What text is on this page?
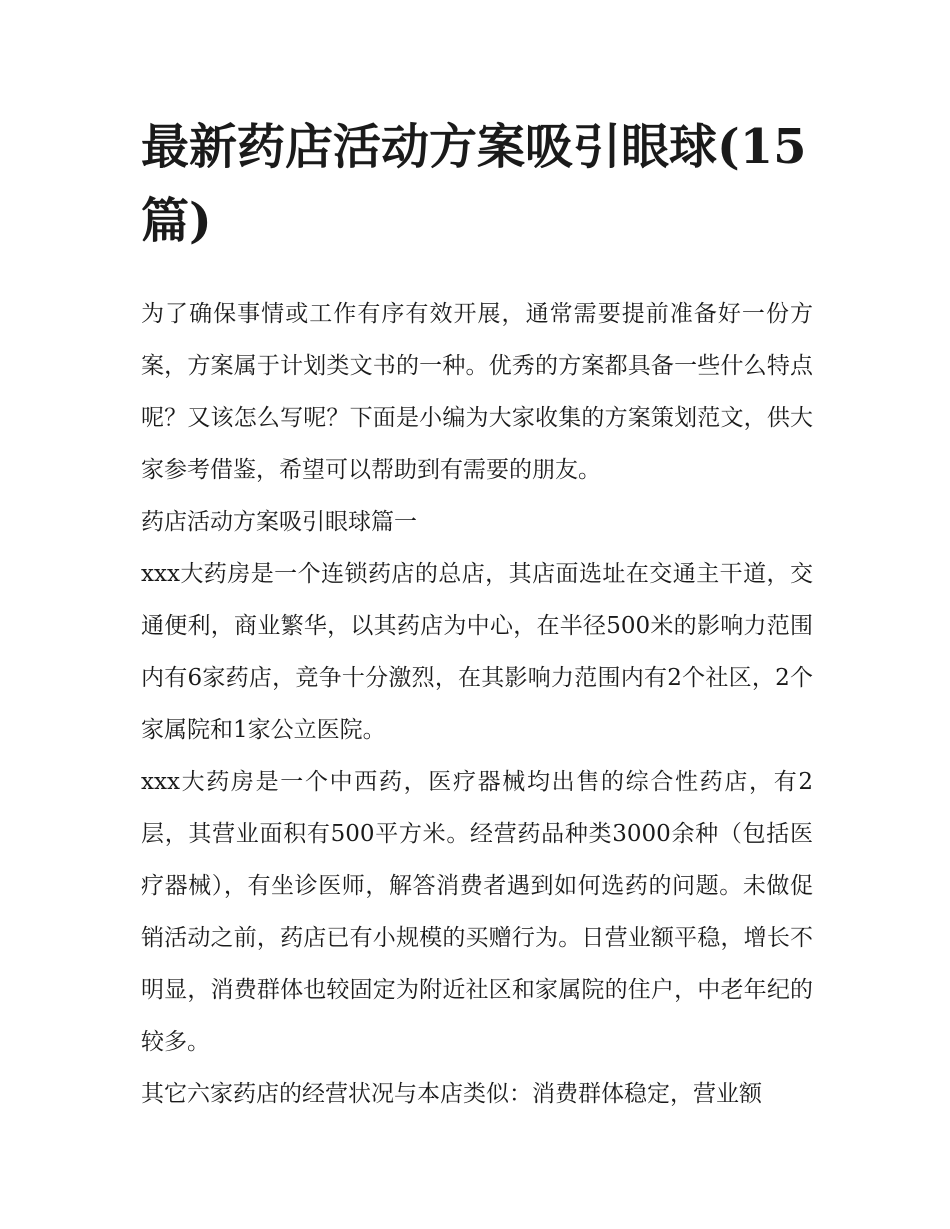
最新药店活动方案吸引眼球(15篇)

为了确保事情或工作有序有效开展，通常需要提前准备好一份方案，方案属于计划类文书的一种。优秀的方案都具备一些什么特点呢？又该怎么写呢？下面是小编为大家收集的方案策划范文，供大家参考借鉴，希望可以帮助到有需要的朋友。

药店活动方案吸引眼球篇一

xxx大药房是一个连锁药店的总店，其店面选址在交通主干道，交通便利，商业繁华，以其药店为中心，在半径500米的影响力范围内有6家药店，竞争十分激烈，在其影响力范围内有2个社区，2个家属院和1家公立医院。

xxx大药房是一个中西药，医疗器械均出售的综合性药店，有2层，其营业面积有500平方米。经营药品种类3000余种（包括医疗器械），有坐诊医师，解答消费者遇到如何选药的问题。未做促销活动之前，药店已有小规模的买赠行为。日营业额平稳，增长不明显，消费群体也较固定为附近社区和家属院的住户，中老年纪的较多。

其它六家药店的经营状况与本店类似：消费群体稳定，营业额
